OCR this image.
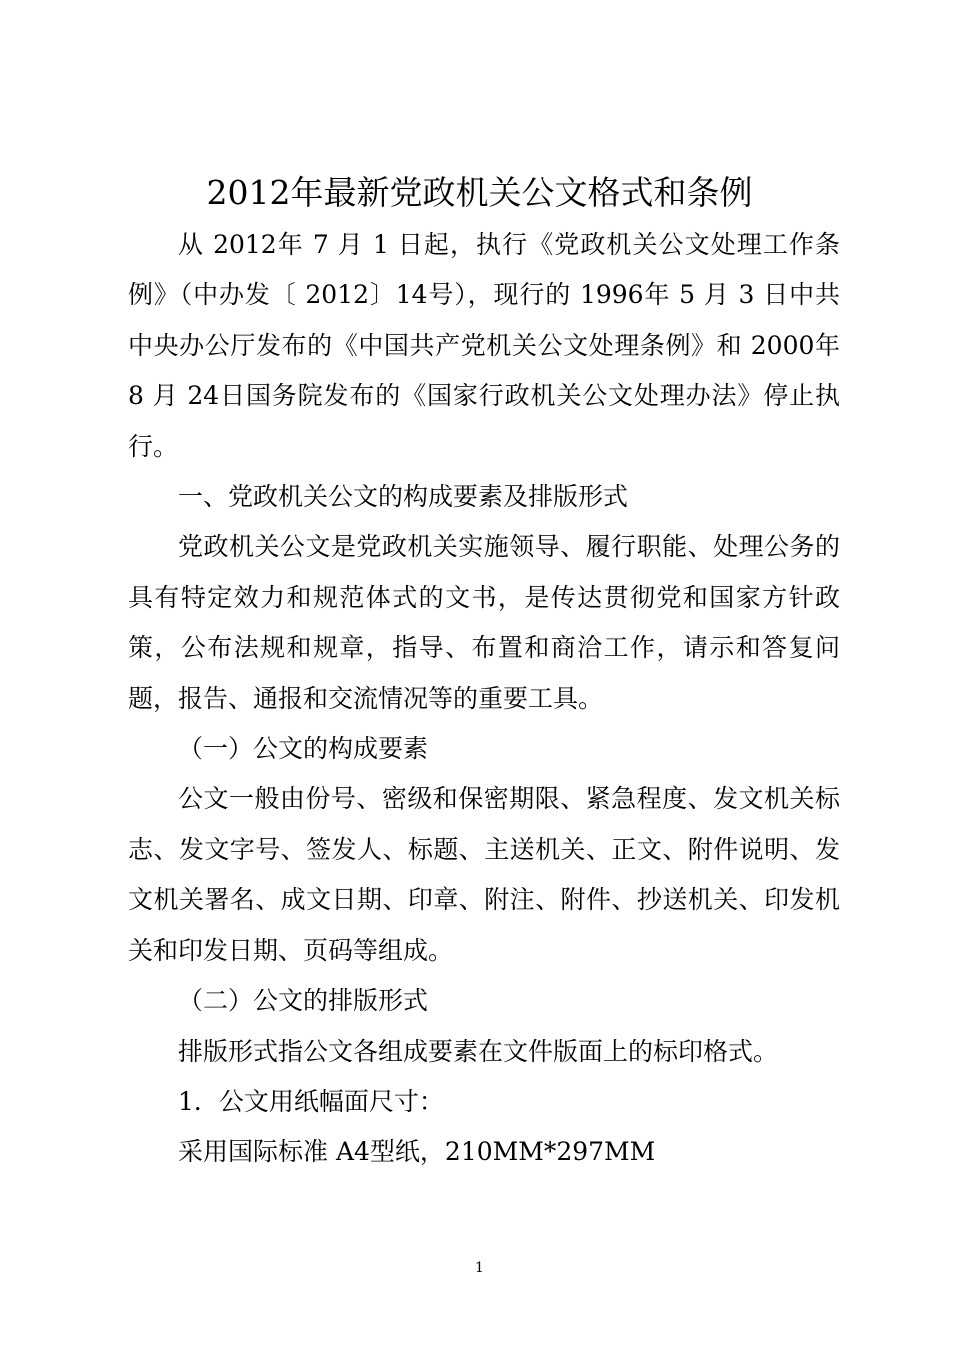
2012年最新党政机关公文格式和条例

从 2012年 7 月 1 日起，执行《党政机关公文处理工作条例》（中办发〔 2012〕14号），现行的 1996年 5 月 3 日中共中央办公厅发布的《中国共产党机关公文处理条例》和 2000年 8 月 24日国务院发布的《国家行政机关公文处理办法》停止执行。

一、党政机关公文的构成要素及排版形式

党政机关公文是党政机关实施领导、履行职能、处理公务的具有特定效力和规范体式的文书，是传达贯彻党和国家方针政策，公布法规和规章，指导、布置和商洽工作，请示和答复问题，报告、通报和交流情况等的重要工具。

（一）公文的构成要素

公文一般由份号、密级和保密期限、紧急程度、发文机关标志、发文字号、签发人、标题、主送机关、正文、附件说明、发文机关署名、成文日期、印章、附注、附件、抄送机关、印发机关和印发日期、页码等组成。

（二）公文的排版形式

排版形式指公文各组成要素在文件版面上的标印格式。

1．公文用纸幅面尺寸：

采用国际标准 A4型纸，210MM*297MM

1
